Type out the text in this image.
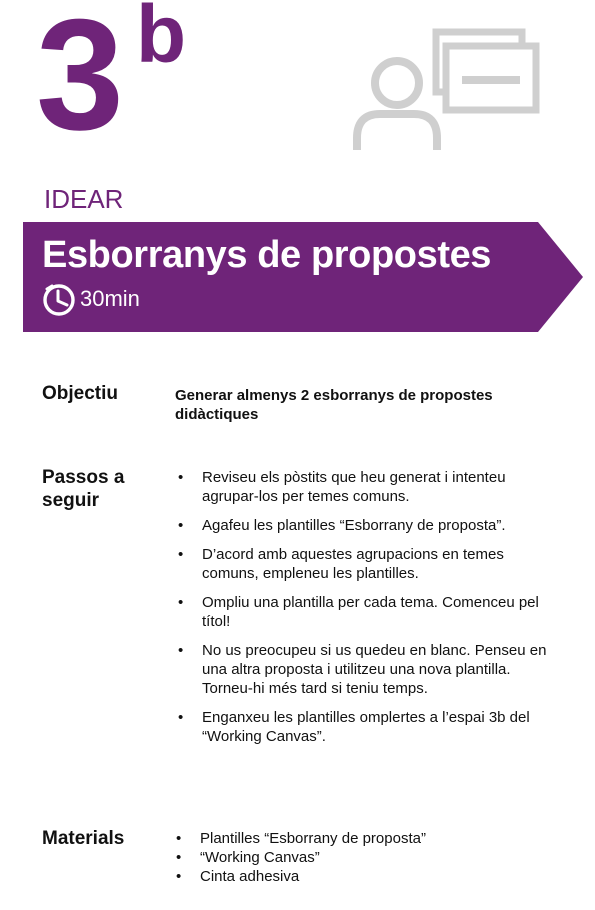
3 b
IDEAR
Esborranys de propostes
30min
Objectiu	Generar almenys 2 esborranys de propostes didàctiques
Passos a seguir
• Reviseu els pòstits que heu generat i intenteu agrupar-los per temes comuns.
• Agafeu les plantilles “Esborrany de proposta”.
• D’acord amb aquestes agrupacions en temes comuns, empleneu les plantilles.
• Ompliu una plantilla per cada tema. Comenceu pel títol!
• No us preocupeu si us quedeu en blanc. Penseu en una altra proposta i utilitzeu una nova plantilla. Torneu-hi més tard si teniu temps.
• Enganxeu les plantilles omplertes a l’espai 3b del “Working Canvas”.
Materials	• Plantilles “Esborrany de proposta”
• “Working Canvas”
• Cinta adhesiva
